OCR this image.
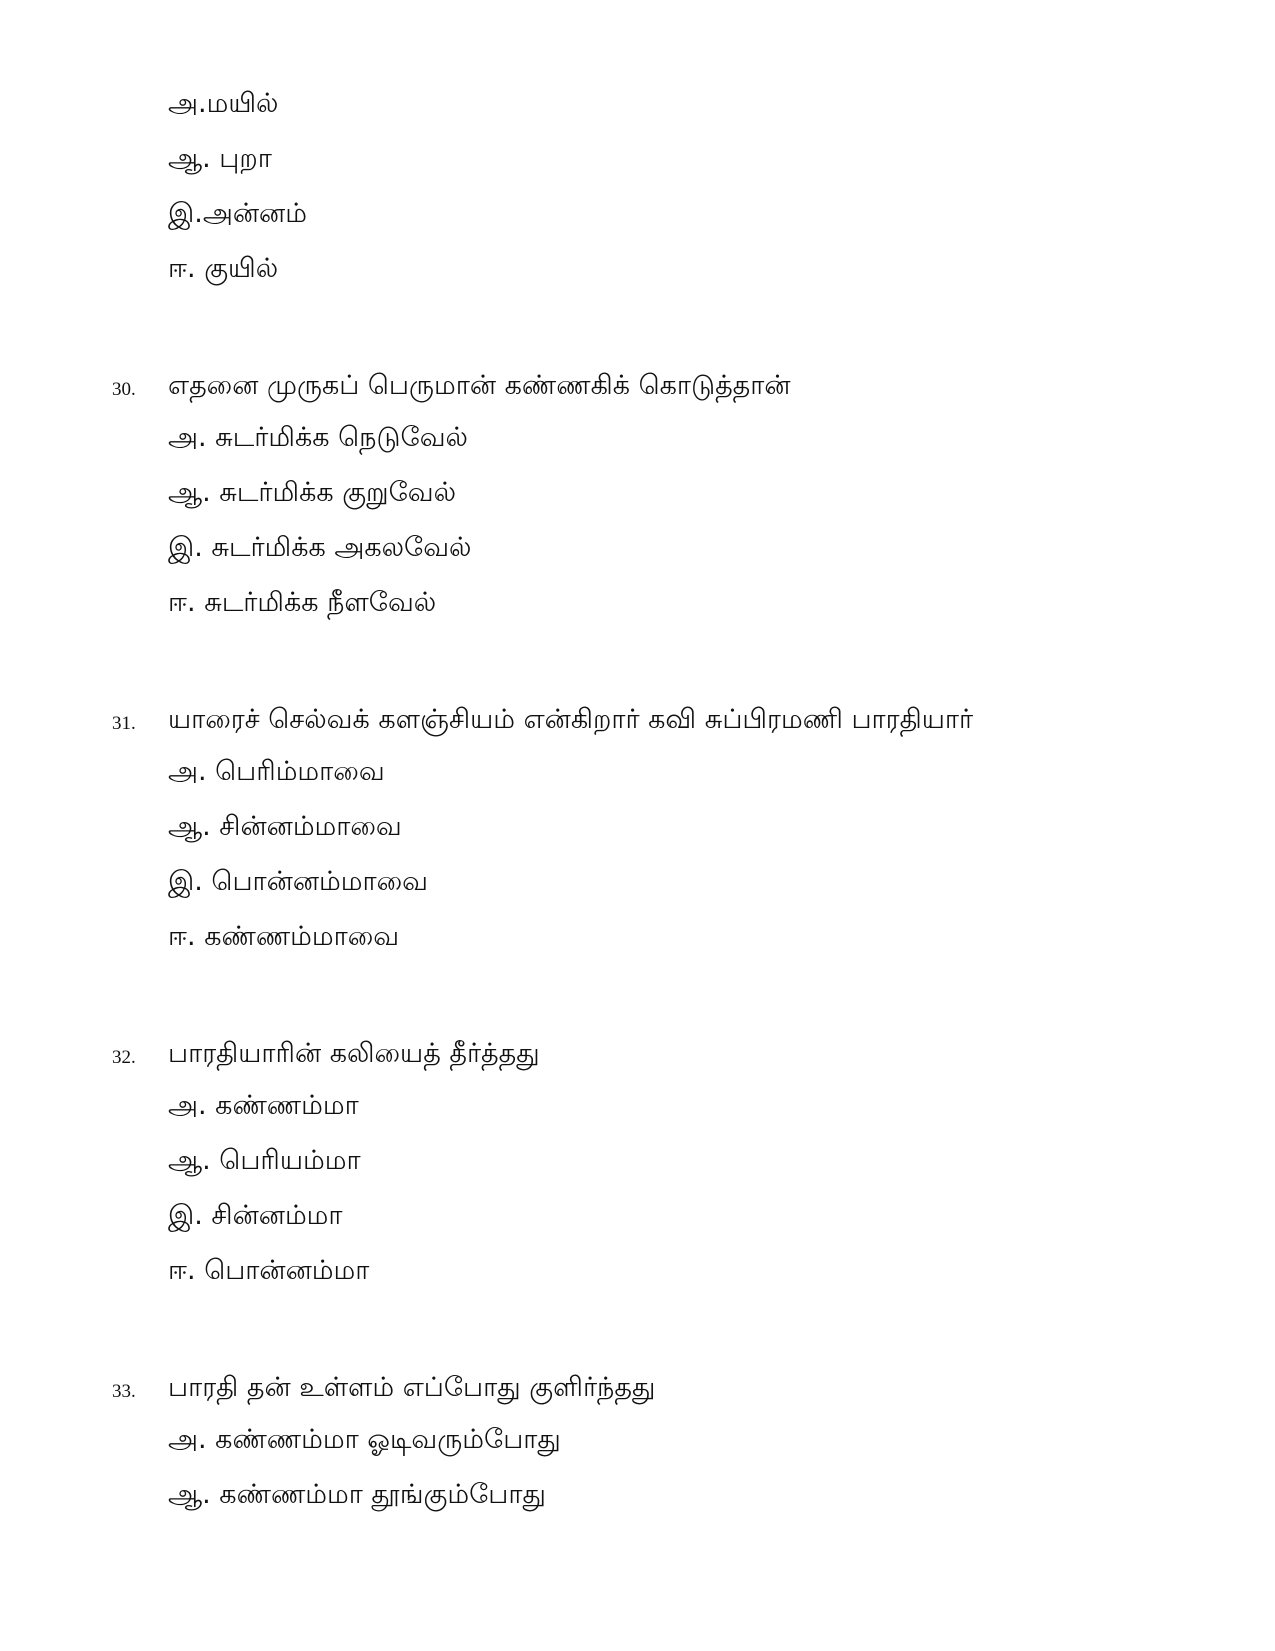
அ.மயில்
ஆ. புறா
இ.அன்னம்
ஈ. குயில்
30. எதனை முருகப் பெருமான் கண்ணகிக் கொடுத்தான்
அ. சுடர்மிக்க நெடுவேல்
ஆ. சுடர்மிக்க குறுவேல்
இ. சுடர்மிக்க அகலவேல்
ஈ. சுடர்மிக்க நீளவேல்
31. யாரைச் செல்வக் களஞ்சியம் என்கிறார் கவி சுப்பிரமணி பாரதியார்
அ. பெரிம்மாவை
ஆ. சின்னம்மாவை
இ. பொன்னம்மாவை
ஈ. கண்ணம்மாவை
32. பாரதியாரின் கலியைத் தீர்த்தது
அ. கண்ணம்மா
ஆ. பெரியம்மா
இ. சின்னம்மா
ஈ. பொன்னம்மா
33. பாரதி தன் உள்ளம் எப்போது குளிர்ந்தது
அ. கண்ணம்மா ஓடிவரும்போது
ஆ. கண்ணம்மா தூங்கும்போது
